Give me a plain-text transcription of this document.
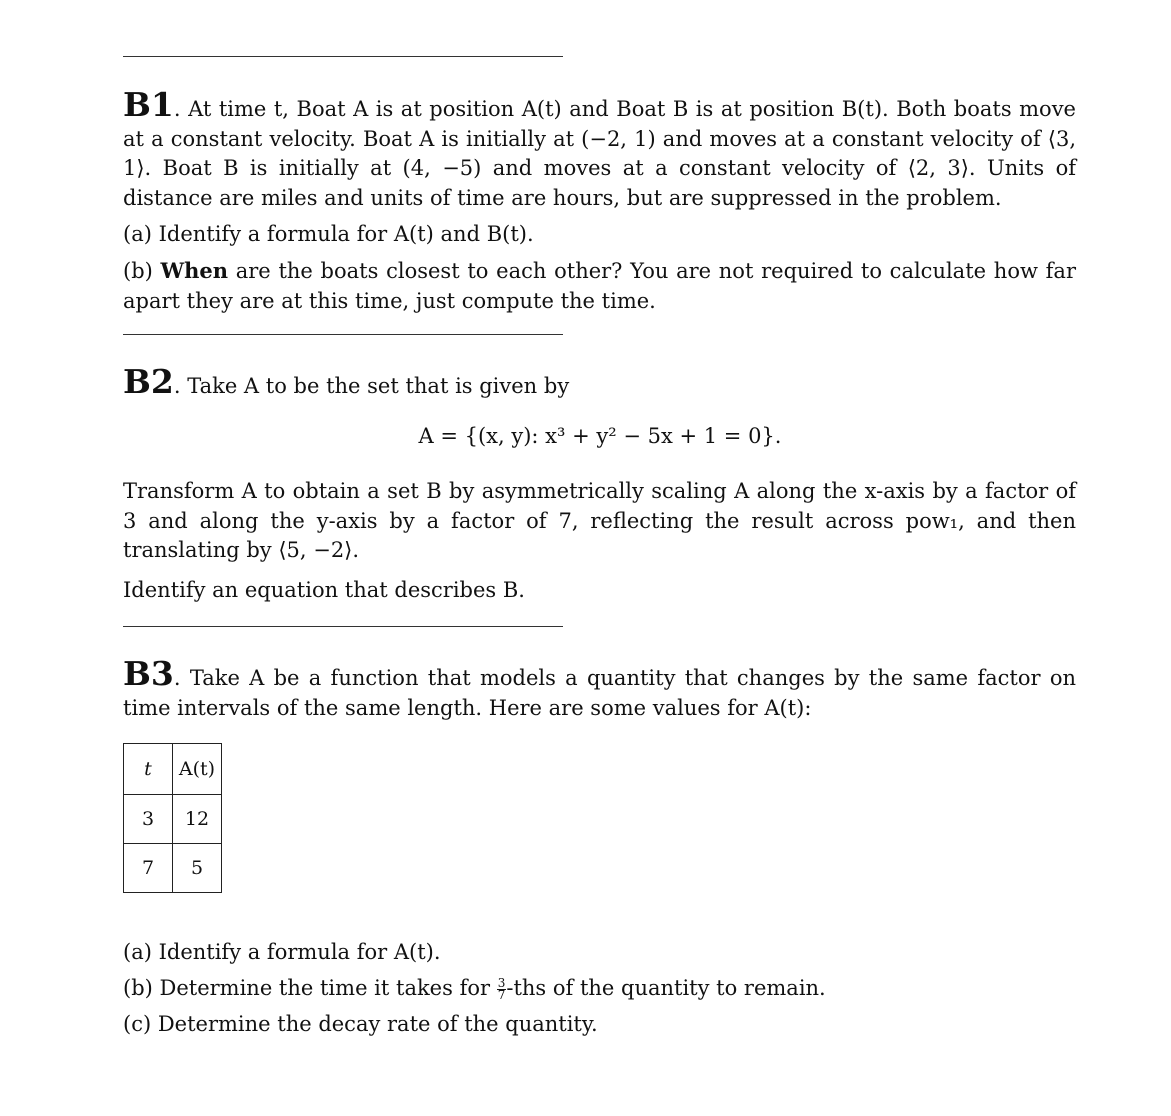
B1. At time t, Boat A is at position A(t) and Boat B is at position B(t). Both boats move at a constant velocity. Boat A is initially at (−2, 1) and moves at a constant velocity of ⟨3, 1⟩. Boat B is initially at (4, −5) and moves at a constant velocity of ⟨2, 3⟩. Units of distance are miles and units of time are hours, but are suppressed in the problem.

(a) Identify a formula for A(t) and B(t).

(b) When are the boats closest to each other? You are not required to calculate how far apart they are at this time, just compute the time.

B2. Take A to be the set that is given by

A = {(x, y): x³ + y² − 5x + 1 = 0}.

Transform A to obtain a set B by asymmetrically scaling A along the x-axis by a factor of 3 and along the y-axis by a factor of 7, reflecting the result across pow₁, and then translating by ⟨5, −2⟩.

Identify an equation that describes B.

B3. Take A be a function that models a quantity that changes by the same factor on time intervals of the same length. Here are some values for A(t):

t	A(t)
3	12
7	5

(a) Identify a formula for A(t).

(b) Determine the time it takes for $\frac{3}{7} -ths$ of the quantity to remain.

(c) Determine the decay rate of the quantity.
